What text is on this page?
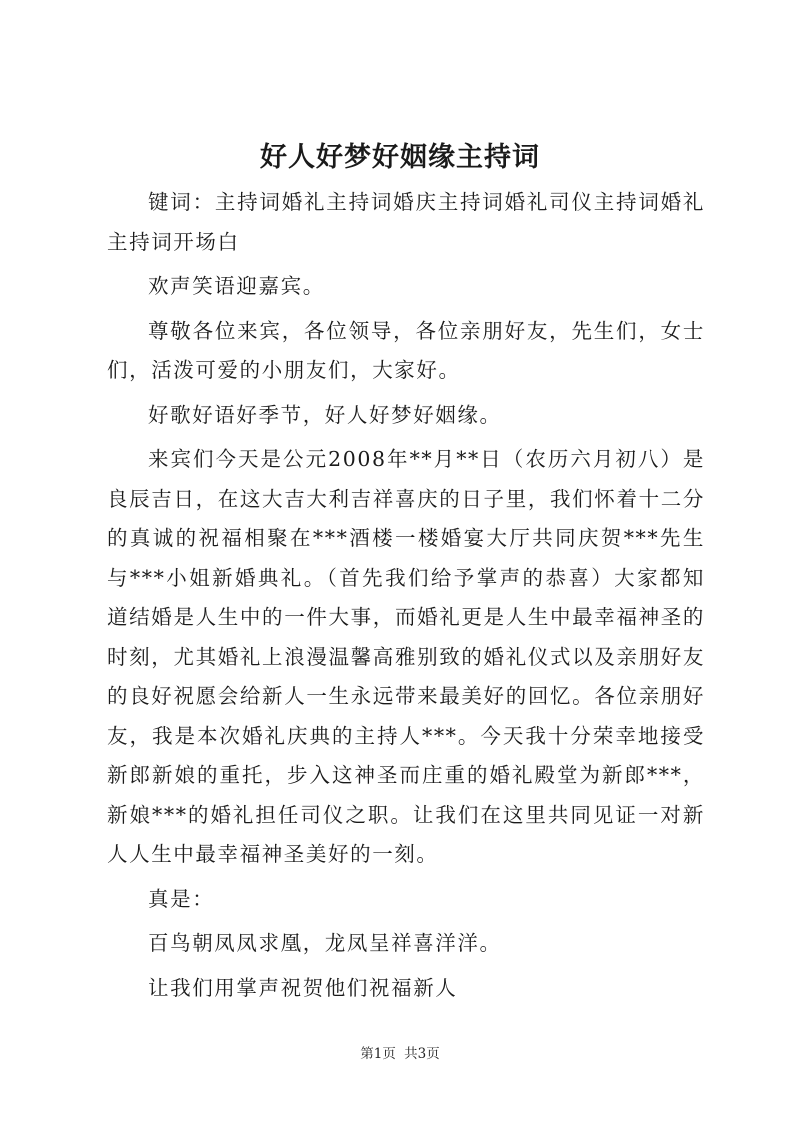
好人好梦好姻缘主持词

键词：主持词婚礼主持词婚庆主持词婚礼司仪主持词婚礼主持词开场白

欢声笑语迎嘉宾。

尊敬各位来宾，各位领导，各位亲朋好友，先生们，女士们，活泼可爱的小朋友们，大家好。

好歌好语好季节，好人好梦好姻缘。

来宾们今天是公元2008年**月**日（农历六月初八）是良辰吉日，在这大吉大利吉祥喜庆的日子里，我们怀着十二分的真诚的祝福相聚在***酒楼一楼婚宴大厅共同庆贺***先生与***小姐新婚典礼。（首先我们给予掌声的恭喜）大家都知道结婚是人生中的一件大事，而婚礼更是人生中最幸福神圣的时刻，尤其婚礼上浪漫温馨高雅别致的婚礼仪式以及亲朋好友的良好祝愿会给新人一生永远带来最美好的回忆。各位亲朋好友，我是本次婚礼庆典的主持人***。今天我十分荣幸地接受新郎新娘的重托，步入这神圣而庄重的婚礼殿堂为新郎***，新娘***的婚礼担任司仪之职。让我们在这里共同见证一对新人人生中最幸福神圣美好的一刻。

真是：

百鸟朝凤凤求凰，龙凤呈祥喜洋洋。

让我们用掌声祝贺他们祝福新人

第1页 共3页
